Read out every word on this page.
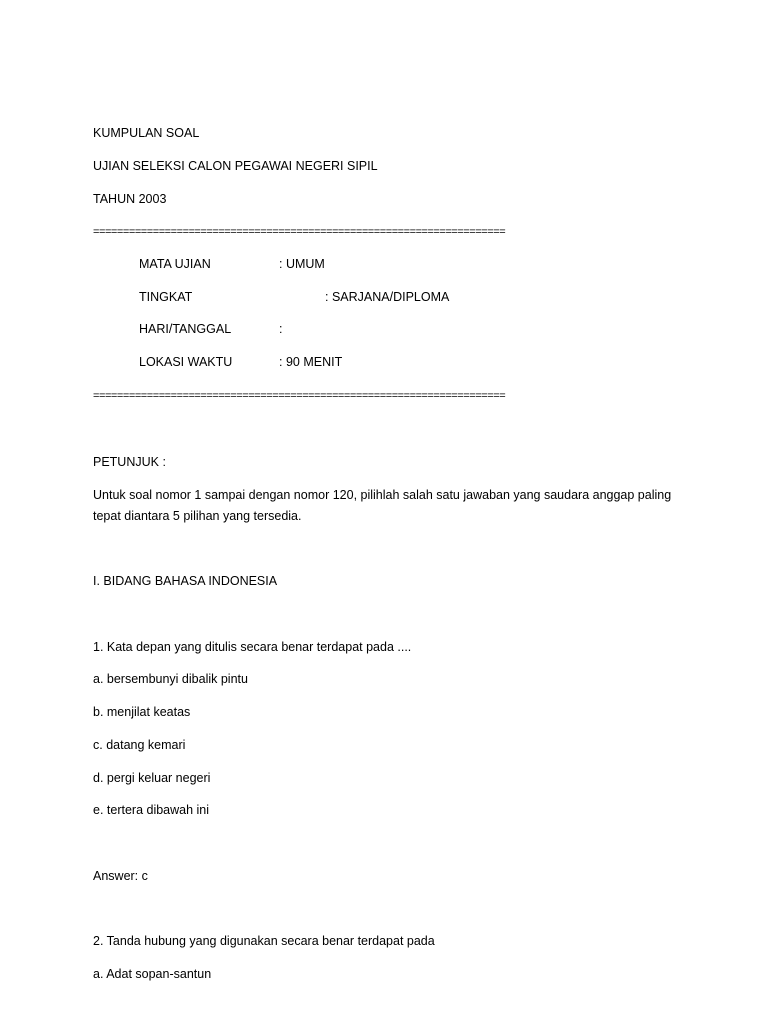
KUMPULAN SOAL
UJIAN SELEKSI CALON PEGAWAI NEGERI SIPIL
TAHUN 2003
=====================================================================
MATA UJIAN	: UMUM
TINGKAT	: SARJANA/DIPLOMA
HARI/TANGGAL	:
LOKASI WAKTU	: 90 MENIT
=====================================================================
PETUNJUK :
Untuk soal nomor 1 sampai dengan nomor 120, pilihlah salah satu jawaban yang saudara anggap paling tepat diantara 5 pilihan yang tersedia.
I. BIDANG BAHASA INDONESIA
1. Kata depan yang ditulis secara benar terdapat pada ....
a. bersembunyi dibalik pintu
b. menjilat keatas
c. datang kemari
d. pergi keluar negeri
e. tertera dibawah ini
Answer: c
2. Tanda hubung yang digunakan secara benar terdapat pada
a. Adat sopan-santun
